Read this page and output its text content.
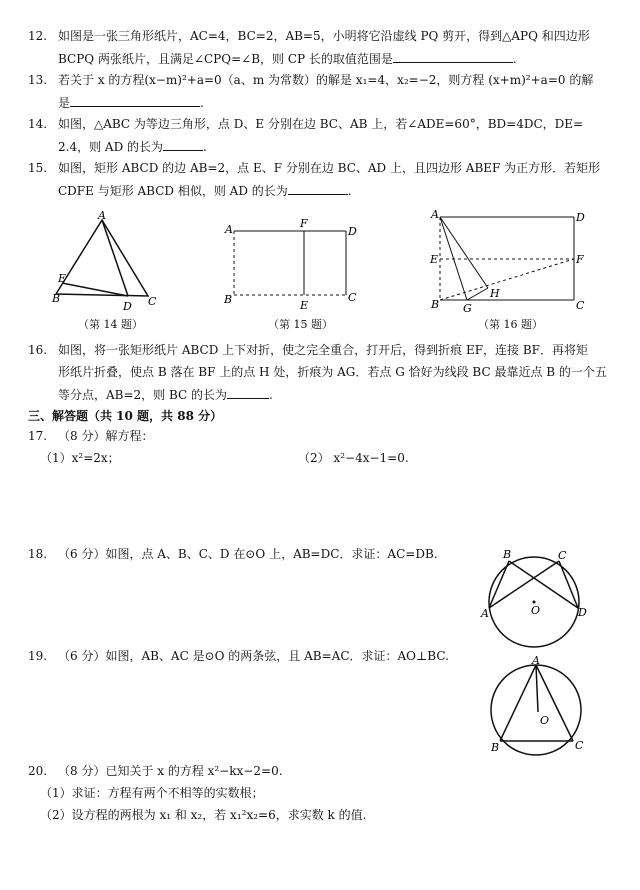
12. 如图是一张三角形纸片，AC=4，BC=2，AB=5，小明将它沿虚线 PQ 剪开，得到△APQ 和四边形
BCPQ 两张纸片，且满足∠CPQ=∠B，则 CP 长的取值范围是	.
13. 若关于 x 的方程(x−m)²+a=0（a、m 为常数）的解是 x₁=4，x₂=−2，则方程 (x+m)²+a=0 的解
是	.
14. 如图，△ABC 为等边三角形，点 D、E 分别在边 BC、AB 上，若∠ADE=60°，BD=4DC，DE=
2.4，则 AD 的长为	.
15. 如图，矩形 ABCD 的边 AB=2，点 E、F 分别在边 BC、AD 上，且四边形 ABEF 为正方形．若矩形
CDFE 与矩形 ABCD 相似，则 AD 的长为	.
A
B	C
D
E
（第 14 题）
A
B	C
D
E
F
（第 15 题）
A
B	C
D
E	F
G
H
（第 16 题）
16. 如图，将一张矩形纸片 ABCD 上下对折，使之完全重合，打开后，得到折痕 EF，连接 BF．再将矩
形纸片折叠，使点 B 落在 BF 上的点 H 处，折痕为 AG．若点 G 恰好为线段 BC 最靠近点 B 的一个五
等分点，AB=2，则 BC 的长为	.
三、解答题（共 10 题，共 88 分）
17. （8 分）解方程：
（1）x²=2x；	（2） x²−4x−1=0.
18. （6 分）如图，点 A、B、C、D 在⊙O 上，AB=DC．求证：AC=DB.
A
B	C
D
O
19. （6 分）如图，AB、AC 是⊙O 的两条弦，且 AB=AC．求证：AO⊥BC.	A
B	C
O
20. （8 分）已知关于 x 的方程 x²−kx−2=0.
（1）求证：方程有两个不相等的实数根；
（2）设方程的两根为 x₁ 和 x₂，若 x₁²x₂=6，求实数 k 的值.
